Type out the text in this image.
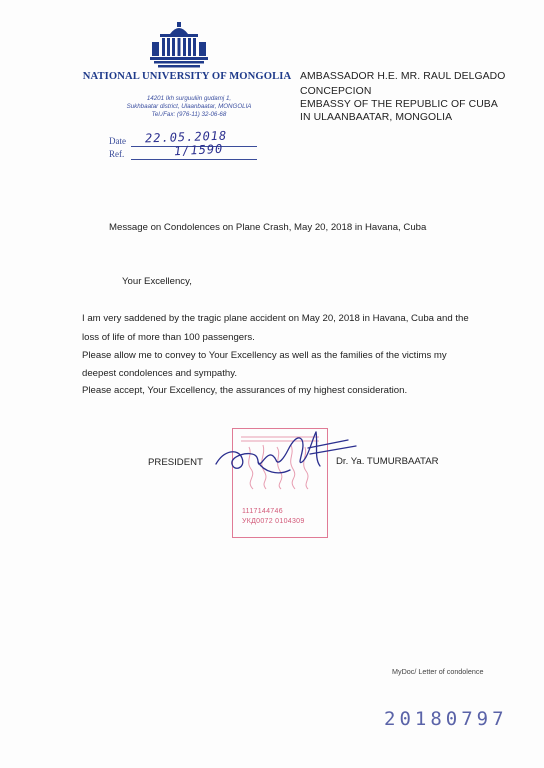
NATIONAL UNIVERSITY OF MONGOLIA
14201 Ikh surguuliin gudamj 1,
Sukhbaatar district, Ulaanbaatar, MONGOLIA
Tel./Fax: (976-11) 32-06-68
Date 22.05.2018
Ref.	1/1590
AMBASSADOR H.E. MR. RAUL DELGADO
CONCEPCION
EMBASSY OF THE REPUBLIC OF CUBA
IN ULAANBAATAR, MONGOLIA
Message on Condolences on Plane Crash, May 20, 2018 in Havana, Cuba
Your Excellency,
I am very saddened by the tragic plane accident on May 20, 2018 in Havana, Cuba and the
loss of life of more than 100 passengers.
Please allow me to convey to Your Excellency as well as the families of the victims my
deepest condolences and sympathy.
Please accept, Your Excellency, the assurances of my highest consideration.
1117144746
УКД0072 0104309
PRESIDENT	Dr. Ya. TUMURBAATAR
MyDoc/ Letter of condolence
20180797
